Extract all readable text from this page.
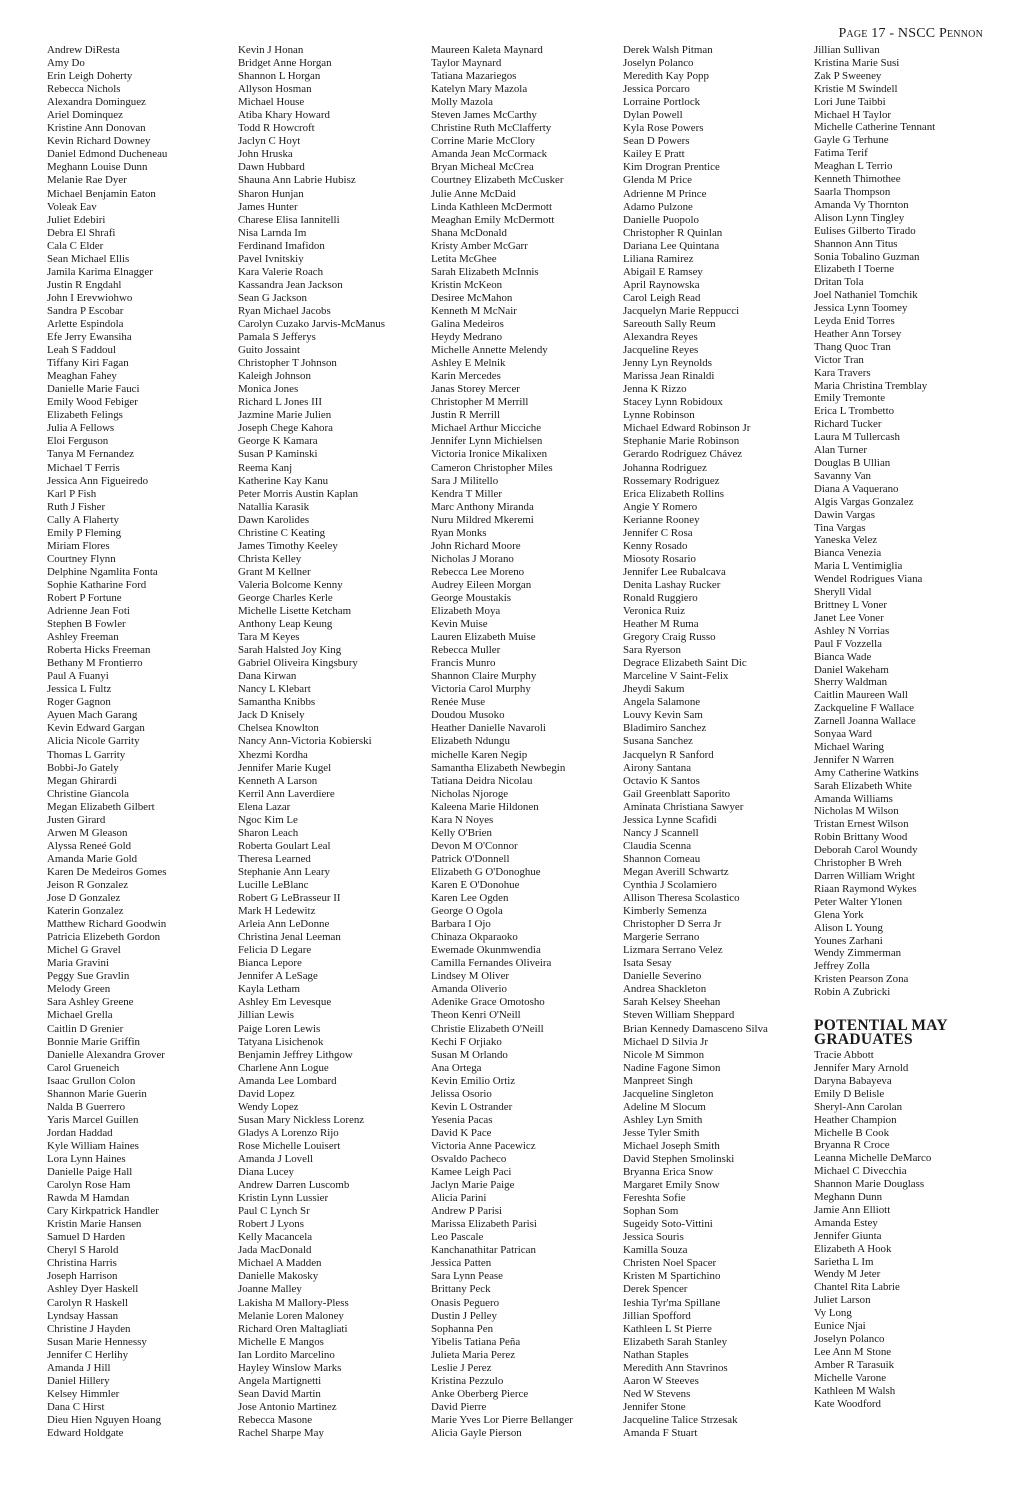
Page 17 - NSCC Pennon
Andrew DiResta
Amy Do
Erin Leigh Doherty
Rebecca Nichols
Alexandra Dominguez
Ariel Dominquez
Kristine Ann Donovan
Kevin Richard Downey
Daniel Edmond Ducheneau
Meghann Louise Dunn
Melanie Rae Dyer
Michael Benjamin Eaton
Voleak Eav
Juliet Edebiri
Debra El Shrafi
Cala C Elder
Sean Michael Ellis
Jamila Karima Elnagger
Justin R Engdahl
John I Erevwiohwo
Sandra P Escobar
Arlette Espindola
Efe Jerry Ewansiha
Leah S Faddoul
Tiffany Kiri Fagan
Meaghan Fahey
Danielle Marie Fauci
Emily Wood Febiger
Elizabeth Felings
Julia A Fellows
Eloi Ferguson
Tanya M Fernandez
Michael T Ferris
Jessica Ann Figueiredo
Karl P Fish
Ruth J Fisher
Cally A Flaherty
Emily P Fleming
Miriam Flores
Courtney Flynn
Delphine Ngamlita Fonta
Sophie Katharine Ford
Robert P Fortune
Adrienne Jean Foti
Stephen B Fowler
Ashley Freeman
Roberta Hicks Freeman
Bethany M Frontierro
Paul A Fuanyi
Jessica L Fultz
Roger Gagnon
Ayuen Mach Garang
Kevin Edward Gargan
Alicia Nicole Garrity
Thomas L Garrity
Bobbi-Jo Gately
Megan Ghirardi
Christine Giancola
Megan Elizabeth Gilbert
Justen Girard
Arwen M Gleason
Alyssa Reneé Gold
Amanda Marie Gold
Karen De Medeiros Gomes
Jeison R Gonzalez
Jose D Gonzalez
Katerin Gonzalez
Matthew Richard Goodwin
Patricia Elizebeth Gordon
Michel G Gravel
Maria Gravini
Peggy Sue Gravlin
Melody Green
Sara Ashley Greene
Michael Grella
Caitlin D Grenier
Bonnie Marie Griffin
Danielle Alexandra Grover
Carol Grueneich
Isaac Grullon Colon
Shannon Marie Guerin
Nalda B Guerrero
Yaris Marcel Guillen
Jordan Haddad
Kyle William Haines
Lora Lynn Haines
Danielle Paige Hall
Carolyn Rose Ham
Rawda M Hamdan
Cary Kirkpatrick Handler
Kristin Marie Hansen
Samuel D Harden
Cheryl S Harold
Christina Harris
Joseph Harrison
Ashley Dyer Haskell
Carolyn R Haskell
Lyndsay Hassan
Christine J Hayden
Susan Marie Hennessy
Jennifer C Herlihy
Amanda J Hill
Daniel Hillery
Kelsey Himmler
Dana C Hirst
Dieu Hien Nguyen Hoang
Edward Holdgate
Kevin J Honan
Bridget Anne Horgan
Shannon L Horgan
Allyson Hosman
Michael House
Atiba Khary Howard
Todd R Howcroft
Jaclyn C Hoyt
John Hruska
Dawn Hubbard
Shauna Ann Labrie Hubisz
Sharon Hunjan
James Hunter
Charese Elisa Iannitelli
Nisa Larnda Im
Ferdinand Imafidon
Pavel Ivnitskiy
Kara Valerie Roach
Kassandra Jean Jackson
Sean G Jackson
Ryan Michael Jacobs
Carolyn Cuzako Jarvis-McManus
Pamala S Jefferys
Guito Jossaint
Christopher T Johnson
Kaleigh Johnson
Monica Jones
Richard L Jones III
Jazmine Marie Julien
Joseph Chege Kahora
George K Kamara
Susan P Kaminski
Reema Kanj
Katherine Kay Kanu
Peter Morris Austin Kaplan
Natallia Karasik
Dawn Karolides
Christine C Keating
James Timothy Keeley
Christa Kelley
Grant M Kellner
Valeria Bolcome Kenny
George Charles Kerle
Michelle Lisette Ketcham
Anthony Leap Keung
Tara M Keyes
Sarah Halsted Joy King
Gabriel Oliveira Kingsbury
Dana Kirwan
Nancy L Klebart
Samantha Knibbs
Jack D Knisely
Chelsea Knowlton
Nancy Ann-Victoria Kobierski
Xhezmi Kordha
Jennifer Marie Kugel
Kenneth A Larson
Kerril Ann Laverdiere
Elena Lazar
Ngoc Kim Le
Sharon Leach
Roberta Goulart Leal
Theresa Learned
Stephanie Ann Leary
Lucille LeBlanc
Robert G LeBrasseur II
Mark H Ledewitz
Arleia Ann LeDonne
Christina Jenal Leeman
Felicia D Legare
Bianca Lepore
Jennifer A LeSage
Kayla Letham
Ashley Em Levesque
Jillian Lewis
Paige Loren Lewis
Tatyana Lisichenok
Benjamin Jeffrey Lithgow
Charlene Ann Logue
Amanda Lee Lombard
David Lopez
Wendy Lopez
Susan Mary Nickless Lorenz
Gladys A Lorenzo Rijo
Rose Michelle Louisert
Amanda J Lovell
Diana Lucey
Andrew Darren Luscomb
Kristin Lynn Lussier
Paul C Lynch Sr
Robert J Lyons
Kelly Macancela
Jada MacDonald
Michael A Madden
Danielle Makosky
Joanne Malley
Lakisha M Mallory-Pless
Melanie Loren Maloney
Richard Oren Maltagliati
Michelle E Mangos
Ian Lordito Marcelino
Hayley Winslow Marks
Angela Martignetti
Sean David Martin
Jose Antonio Martinez
Rebecca Masone
Rachel Sharpe May
Maureen Kaleta Maynard
Taylor Maynard
Tatiana Mazariegos
Katelyn Mary Mazola
Molly Mazola
Steven James McCarthy
Christine Ruth McClafferty
Corrine Marie McClory
Amanda Jean McCormack
Bryan Micheal McCrea
Courtney Elizabeth McCusker
Julie Anne McDaid
Linda Kathleen McDermott
Meaghan Emily McDermott
Shana McDonald
Kristy Amber McGarr
Letita McGhee
Sarah Elizabeth McInnis
Kristin McKeon
Desiree McMahon
Kenneth M McNair
Galina Medeiros
Heydy Medrano
Michelle Annette Melendy
Ashley E Melnik
Karin Mercedes
Janas Storey Mercer
Christopher M Merrill
Justin R Merrill
Michael Arthur Micciche
Jennifer Lynn Michielsen
Victoria Ironice Mikalixen
Cameron Christopher Miles
Sara J Militello
Kendra T Miller
Marc Anthony Miranda
Nuru Mildred Mkeremi
Ryan Monks
John Richard Moore
Nicholas J Morano
Rebecca Lee Moreno
Audrey Eileen Morgan
George Moustakis
Elizabeth Moya
Kevin Muise
Lauren Elizabeth Muise
Rebecca Muller
Francis Munro
Shannon Claire Murphy
Victoria Carol Murphy
Renée Muse
Doudou Musoko
Heather Danielle Navaroli
Elizabeth Ndungu
michelle Karen Negip
Samantha Elizabeth Newbegin
Tatiana Deidra Nicolau
Nicholas Njoroge
Kaleena Marie Hildonen
Kara N Noyes
Kelly O'Brien
Devon M O'Connor
Patrick O'Donnell
Elizabeth G O'Donoghue
Karen E O'Donohue
Karen Lee Ogden
George O Ogola
Barbara I Ojo
Chinaza Okparaoko
Ewemade Okunmwendia
Camilla Fernandes Oliveira
Lindsey M Oliver
Amanda Oliverio
Adenike Grace Omotosho
Theon Kenri O'Neill
Christie Elizabeth O'Neill
Kechi F Orjiako
Susan M Orlando
Ana Ortega
Kevin Emilio Ortiz
Jelissa Osorio
Kevin L Ostrander
Yesenia Pacas
David K Pace
Victoria Anne Pacewicz
Osvaldo Pacheco
Kamee Leigh Paci
Jaclyn Marie Paige
Alicia Parini
Andrew P Parisi
Marissa Elizabeth Parisi
Leo Pascale
Kanchanathitar Patrican
Jessica Patten
Sara Lynn Pease
Brittany Peck
Onasis Peguero
Dustin J Pelley
Sophanna Pen
Yibelis Tatiana Peña
Julieta Maria Perez
Leslie J Perez
Kristina Pezzulo
Anke Oberberg Pierce
David Pierre
Marie Yves Lor Pierre Bellanger
Alicia Gayle Pierson
Derek Walsh Pitman
Joselyn Polanco
Meredith Kay Popp
Jessica Porcaro
Lorraine Portlock
Dylan Powell
Kyla Rose Powers
Sean D Powers
Kailey E Pratt
Kim Drogran Prentice
Glenda M Price
Adrienne M Prince
Adamo Pulzone
Danielle Puopolo
Christopher R Quinlan
Dariana Lee Quintana
Liliana Ramirez
Abigail E Ramsey
April Raynowska
Carol Leigh Read
Jacquelyn Marie Reppucci
Sareouth Sally Reum
Alexandra Reyes
Jacqueline Reyes
Jenny Lyn Reynolds
Marissa Jean Rinaldi
Jenna K Rizzo
Stacey Lynn Robidoux
Lynne Robinson
Michael Edward Robinson Jr
Stephanie Marie Robinson
Gerardo Rodríguez Chávez
Johanna Rodriguez
Rossemary Rodriguez
Erica Elizabeth Rollins
Angie Y Romero
Kerianne Rooney
Jennifer C Rosa
Kenny Rosado
Miosoty Rosario
Jennifer Lee Rubalcava
Denita Lashay Rucker
Ronald Ruggiero
Veronica Ruiz
Heather M Ruma
Gregory Craig Russo
Sara Ryerson
Degrace Elizabeth Saint Dic
Marceline V Saint-Felix
Jheydi Sakum
Angela Salamone
Louvy Kevin Sam
Bladimiro Sanchez
Susana Sanchez
Jacquelyn R Sanford
Airony Santana
Octavio K Santos
Gail Greenblatt Saporito
Aminata Christiana Sawyer
Jessica Lynne Scafidi
Nancy J Scannell
Claudia Scenna
Shannon Comeau
Megan Averill Schwartz
Cynthia J Scolamiero
Allison Theresa Scolastico
Kimberly Semenza
Christopher D Serra Jr
Margerie Serrano
Lizmara Serrano Velez
Isata Sesay
Danielle Severino
Andrea Shackleton
Sarah Kelsey Sheehan
Steven William Sheppard
Brian Kennedy Damasceno Silva
Michael D Silvia Jr
Nicole M Simmon
Nadine Fagone Simon
Manpreet Singh
Jacqueline Singleton
Adeline M Slocum
Ashley Lyn Smith
Jesse Tyler Smith
Michael Joseph Smith
David Stephen Smolinski
Bryanna Erica Snow
Margaret Emily Snow
Fereshta Sofie
Sophan Som
Sugeidy Soto-Vittini
Jessica Souris
Kamilla Souza
Christen Noel Spacer
Kristen M Spartichino
Derek Spencer
Ieshia Tyr'ma Spillane
Jillian Spofford
Kathleen L St Pierre
Elizabeth Sarah Stanley
Nathan Staples
Meredith Ann Stavrinos
Aaron W Steeves
Ned W Stevens
Jennifer Stone
Jacqueline Talice Strzesak
Amanda F Stuart
Jillian Sullivan
Kristina Marie Susi
Zak P Sweeney
Kristie M Swindell
Lori June Taibbi
Michael H Taylor
Michelle Catherine Tennant
Gayle G Terhune
Fatima Terif
Meaghan L Terrio
Kenneth Thimothee
Saarla Thompson
Amanda Vy Thornton
Alison Lynn Tingley
Eulises Gilberto Tirado
Shannon Ann Titus
Sonia Tobalino Guzman
Elizabeth I Toerne
Dritan Tola
Joel Nathaniel Tomchik
Jessica Lynn Toomey
Leyda Enid Torres
Heather Ann Torsey
Thang Quoc Tran
Victor Tran
Kara Travers
Maria Christina Tremblay
Emily Tremonte
Erica L Trombetto
Richard Tucker
Laura M Tullercash
Alan Turner
Douglas B Ullian
Savanny Van
Diana A Vaquerano
Algis Vargas Gonzalez
Dawin Vargas
Tina Vargas
Yaneska Velez
Bianca Venezia
Maria L Ventimiglia
Wendel Rodrigues Viana
Sheryll Vidal
Brittney L Voner
Janet Lee Voner
Ashley N Vorrias
Paul F Vozzella
Bianca Wade
Daniel Wakeham
Sherry Waldman
Caitlin Maureen Wall
Zackqueline F Wallace
Zarnell Joanna Wallace
Sonyaa Ward
Michael Waring
Jennifer N Warren
Amy Catherine Watkins
Sarah Elizabeth White
Amanda Williams
Nicholas M Wilson
Tristan Ernest Wilson
Robin Brittany Wood
Deborah Carol Woundy
Christopher B Wreh
Darren William Wright
Riaan Raymond Wykes
Peter Walter Ylonen
Glena York
Alison L Young
Younes Zarhani
Wendy Zimmerman
Jeffrey Zolla
Kristen Pearson Zona
Robin A Zubricki
POTENTIAL MAY
GRADUATES
Tracie Abbott
Jennifer Mary Arnold
Daryna Babayeva
Emily D Belisle
Sheryl-Ann Carolan
Heather Champion
Michelle B Cook
Bryanna R Croce
Leanna Michelle DeMarco
Michael C Divecchia
Shannon Marie Douglass
Meghann Dunn
Jamie Ann Elliott
Amanda Estey
Jennifer Giunta
Elizabeth A Hook
Sarietha L Im
Wendy M Jeter
Chantel Rita Labrie
Juliet Larson
Vy Long
Eunice Njai
Joselyn Polanco
Lee Ann M Stone
Amber R Tarasuik
Michelle Varone
Kathleen M Walsh
Kate Woodford
